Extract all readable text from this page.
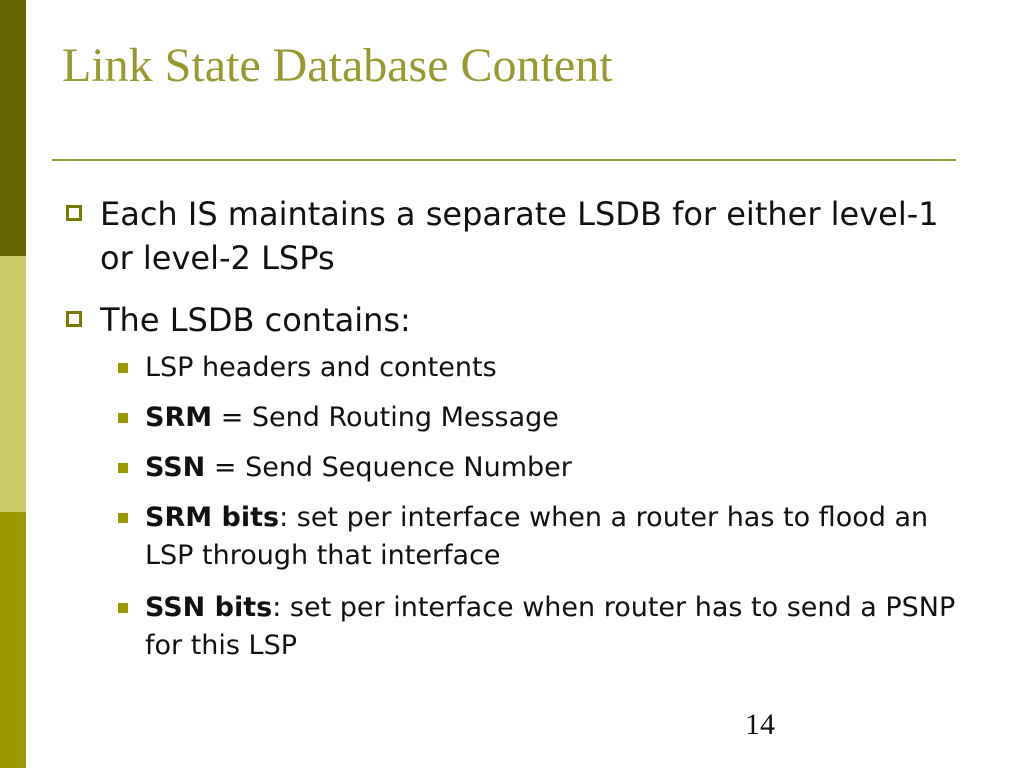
Link State Database Content
Each IS maintains a separate LSDB for either level-1 or level-2 LSPs
The LSDB contains:
LSP headers and contents
SRM = Send Routing Message
SSN = Send Sequence Number
SRM bits: set per interface when a router has to flood an LSP through that interface
SSN bits: set per interface when router has to send a PSNP for this LSP
14
